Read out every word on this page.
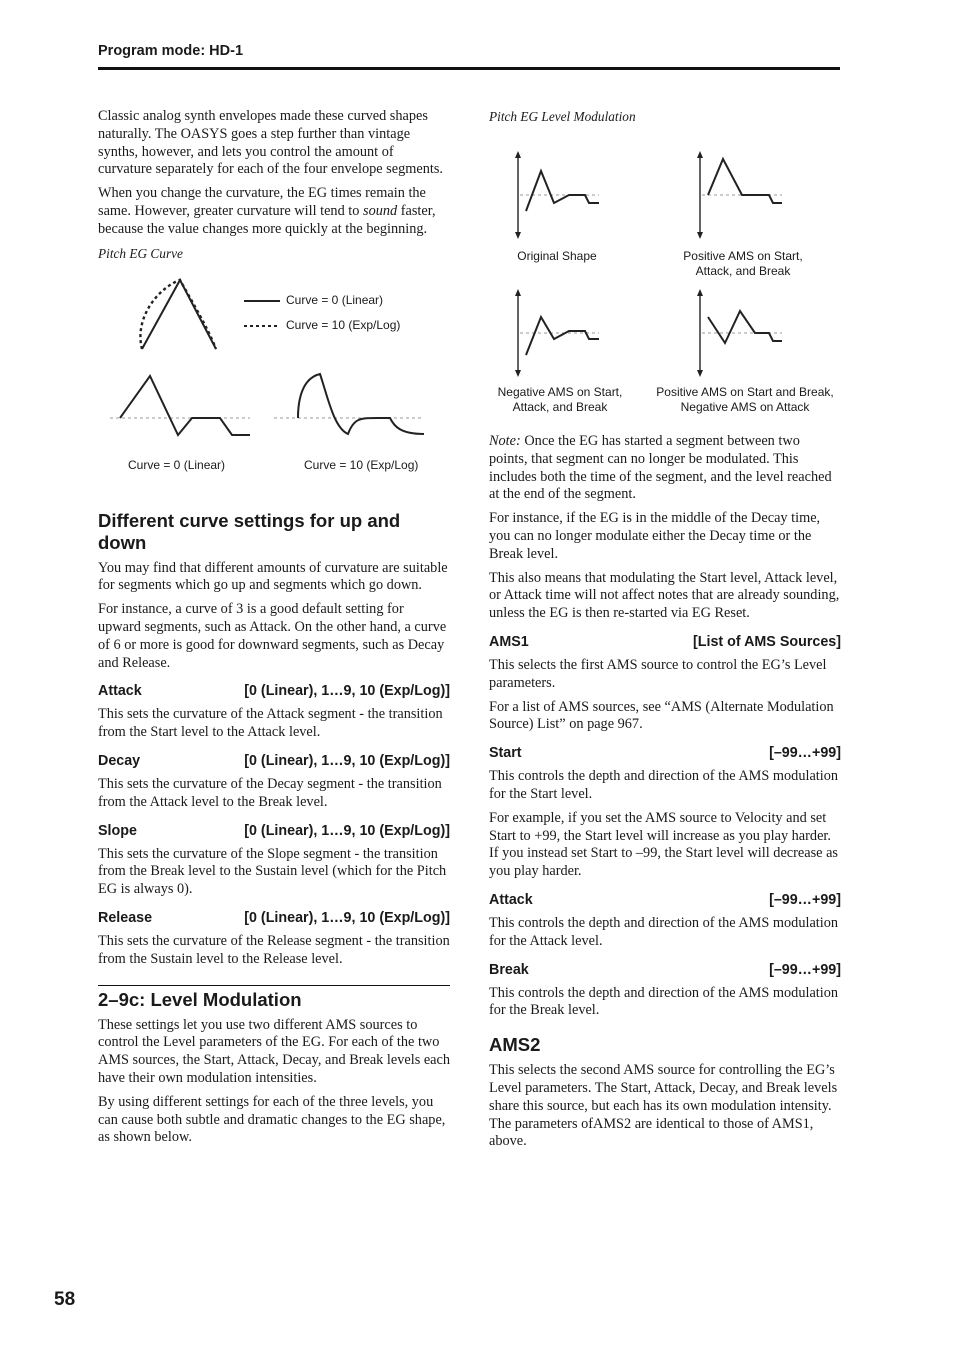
Program mode: HD-1

Classic analog synth envelopes made these curved shapes naturally. The OASYS goes a step further than vintage synths, however, and lets you control the amount of curvature separately for each of the four envelope segments.

When you change the curvature, the EG times remain the same. However, greater curvature will tend to sound faster, because the value changes more quickly at the beginning.

Pitch EG Curve
Curve = 0 (Linear)
Curve = 10 (Exp/Log)
Curve = 0 (Linear)	Curve = 10 (Exp/Log)
Different curve settings for up and down

You may find that different amounts of curvature are suitable for segments which go up and segments which go down.

For instance, a curve of 3 is a good default setting for upward segments, such as Attack. On the other hand, a curve of 6 or more is good for downward segments, such as Decay and Release.

Attack	[0 (Linear), 1…9, 10 (Exp/Log)]

This sets the curvature of the Attack segment - the transition from the Start level to the Attack level.

Decay	[0 (Linear), 1…9, 10 (Exp/Log)]

This sets the curvature of the Decay segment - the transition from the Attack level to the Break level.

Slope	[0 (Linear), 1…9, 10 (Exp/Log)]

This sets the curvature of the Slope segment - the transition from the Break level to the Sustain level (which for the Pitch EG is always 0).

Release	[0 (Linear), 1…9, 10 (Exp/Log)]

This sets the curvature of the Release segment - the transition from the Sustain level to the Release level.

2–9c: Level Modulation

These settings let you use two different AMS sources to control the Level parameters of the EG. For each of the two AMS sources, the Start, Attack, Decay, and Break levels each have their own modulation intensities.

By using different settings for each of the three levels, you can cause both subtle and dramatic changes to the EG shape, as shown below.

Pitch EG Level Modulation
Original Shape	Positive AMS on Start,
Attack, and Break
Negative AMS on Start,
Attack, and Break
Positive AMS on Start and Break,
Negative AMS on Attack

Note: Once the EG has started a segment between two points, that segment can no longer be modulated. This includes both the time of the segment, and the level reached at the end of the segment.

For instance, if the EG is in the middle of the Decay time, you can no longer modulate either the Decay time or the Break level.

This also means that modulating the Start level, Attack level, or Attack time will not affect notes that are already sounding, unless the EG is then re-started via EG Reset.

AMS1	[List of AMS Sources]

This selects the first AMS source to control the EG’s Level parameters.

For a list of AMS sources, see “AMS (Alternate Modulation Source) List” on page 967.

Start	[–99…+99]

This controls the depth and direction of the AMS modulation for the Start level.

For example, if you set the AMS source to Velocity and set Start to +99, the Start level will increase as you play harder. If you instead set Start to –99, the Start level will decrease as you play harder.

Attack	[–99…+99]

This controls the depth and direction of the AMS modulation for the Attack level.

Break	[–99…+99]

This controls the depth and direction of the AMS modulation for the Break level.

AMS2

This selects the second AMS source for controlling the EG’s Level parameters. The Start, Attack, Decay, and Break levels share this source, but each has its own modulation intensity. The parameters ofAMS2 are identical to those of AMS1, above.

58
